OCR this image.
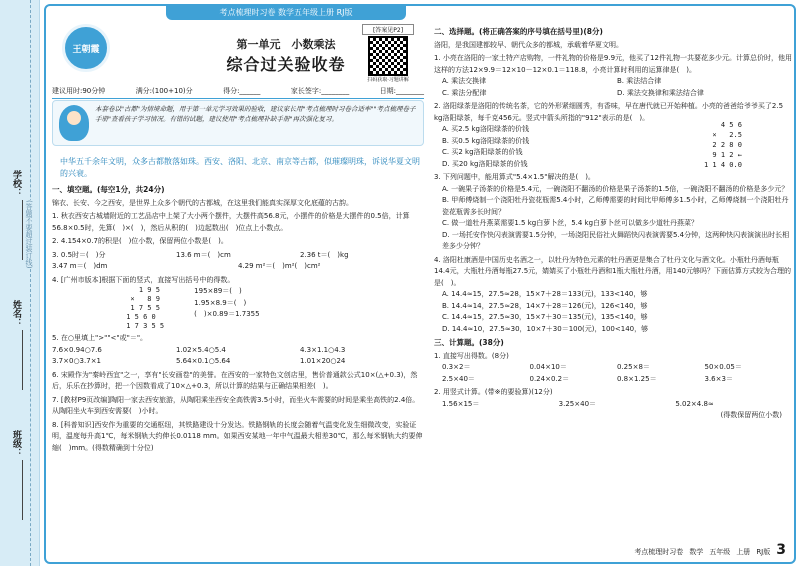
学校：
姓名：
班级：
(答题不要超过装订线)
考点梳理时习卷 数学五年级上册 RJ版
王朝霞	第一单元　小数乘法
综合过关验收卷
[答案见P2]
扫码获取·习题讲解
建议用时:90分钟	满分:(100+10)分	得分:______	家长签字:________	日期:________
本套卷以"古都"为情境命题，用于第一单元学习效果的验收，建议家长用"考点梳理时习卷合适率""考点梳理卷子手册"查看孩子学习情况。有错的试题，建议使用"考点梳理补缺手册"再次强化复习。
中华五千余年文明，众多古都散落如珠。西安、洛阳、北京、南京等古都，似璀璨明珠，诉说华夏文明的兴衰。
一、填空题。(每空1分，共24分)
锦衣、长安、今之西安，是世界上众多个朝代的古都城，在这里我们能真实深厚文化底蕴的古韵。
1. 秋衣西安古城墙附近的工艺品店中上架了大小两个摆件，大摆件高56.8元，小摆件的价格是大摆件的0.5倍，计算56.8×0.5时，先算(　)×(　)，然后从积的(　)边起数出(　)位点上小数点。
2. 4.154×0.7的积是(　)位小数，保留两位小数是(　)。
3. 0.5时＝(　)分	13.6 m＝(　)cm	2.36 t＝(　)kg
3.47 m＝(　)dm	4.29 m²＝(　)m²(　)cm²
4. [广州市版本]根据下面的竖式，直接写出括号中的得数。
1 9 5
×   8 9
1 7 5 5
1 5 6 0
1 7 3 5 5
195×89＝(　)
1.95×8.9＝(　)
(　)×0.89＝1.7355
5. 在○里填上">""<"或"＝"。
7.6×0.94○7.6	1.02×5.4○5.4	4.3×1.1○4.3
3.7×0○3.7×1	5.64×0.1○5.64	1.01×20○24
6. 宋殿作为"秦岭西宜"之一，享有"长安画卷"的美誉。在西安的一家特色文创店里，售价普通款公式10×(△+0.3)，然后，乐乐在抄算时，把一个因数看成了10×△+0.3，所以计算的结果与正确结果相差(　)。
7. [教材P9页改编]陶阳一家去西安旅游，从陶阳乘坐西安全高铁需3.5小时，而坐火车需要的时间是乘坐高铁的2.4倍。从陶阳坐火车到西安需要(　)小时。
8. [科普知识]西安作为重要的交通枢纽，其铁路建设十分发达。铁路钢轨的长度会随着气温变化发生细微改变，实验证明，温度每升高1℃，每米钢轨大约伸长0.0118 mm。如果西安某地一年中气温最大相差30℃，那么每米钢轨大约要伸缩(　)mm。(得数精确到十分位)
二、选择题。(将正确答案的序号填在括号里)(8分)
洛阳，是我国建都较早、朝代众多的都城，承载着华夏文明。
1. 小亮在洛阳的一家土特产店购物，一件礼物的价格是9.9元，他买了12件礼物一共要花多少元。计算总价时，他用这样的方法12×9.9＝12×10－12×0.1＝118.8，小亮计算时利用的运算律是(　)。
A. 乘法交换律	B. 乘法结合律
C. 乘法分配律	D. 乘法交换律和乘法结合律
2. 洛阳绿茶是洛阳的传统名茶，它的外形紧细圆秀，有香味，早在唐代就已开始种植。小亮的爸爸给爷爷买了2.5 kg洛阳绿茶，每千克456元。竖式中箭头所指的"912"表示的是(　)。
A. 买2.5 kg洛阳绿茶的价钱
B. 买0.5 kg洛阳绿茶的价钱
C. 买2 kg洛阳绿茶的价钱
D. 买20 kg洛阳绿茶的价钱
4 5 6
×   2.5
2 2 8 0
9 1 2 ←
1 1 4 0.0
3. 下列问题中，能用算式"5.4×1.5"解决的是(　)。
A. 一碗果子汤茶的价格是5.4元，一碗浇阳不翻汤的价格是果子汤茶的1.5倍，一碗浇阳不翻汤的价格是多少元？
B. 甲师傅烧制一个浇阳牡丹瓷花瓶需5.4小时，乙师傅需要的时间比甲师傅多1.5小时，乙师傅烧制一个浇阳牡丹瓷花瓶需多长时间？
C. 做一道牡丹燕菜需要1.5 kg白萝卜丝，5.4 kg白萝卜丝可以做多少道牡丹燕菜？
D. 一场托安作快闪表演需要1.5分钟，一场浇阳民俗社火舞蹈快闪表演需要5.4分钟，这两种快闪表演演出时长相差多少分钟？
4. 洛阳杜康酒是中国历史名酒之一，以牡丹为特色元素的牡丹酒更是集合了牡丹文化与酒文化。小瓶牡丹酒每瓶14.4元，大瓶牡丹酒每瓶27.5元，婧婧买了小瓶牡丹酒和1瓶大瓶牡丹酒，用140元够吗？下面估算方式较为合理的是(　)。
A. 14.4≈15，27.5≈28，15×7＋28＝133(元)，133<140，够
B. 14.4≈14，27.5≈28，14×7＋28＝126(元)，126<140，够
C. 14.4≈15，27.5≈30，15×7＋30＝135(元)，135<140，够
D. 14.4≈10，27.5≈30，10×7＋30＝100(元)，100<140，够
三、计算题。(38分)
1. 直接写出得数。(8分)
0.3×2＝	0.04×10＝	0.25×8＝	50×0.05＝
2.5×40＝	0.24×0.2＝	0.8×1.25＝	3.6×3＝
2. 用竖式计算。(带※的要验算)(12分)
1.56×15＝	3.25×40＝	5.02×4.8≈
(得数保留两位小数)
考点梳理时习卷 数学 五年级 上册 RJ版 3
